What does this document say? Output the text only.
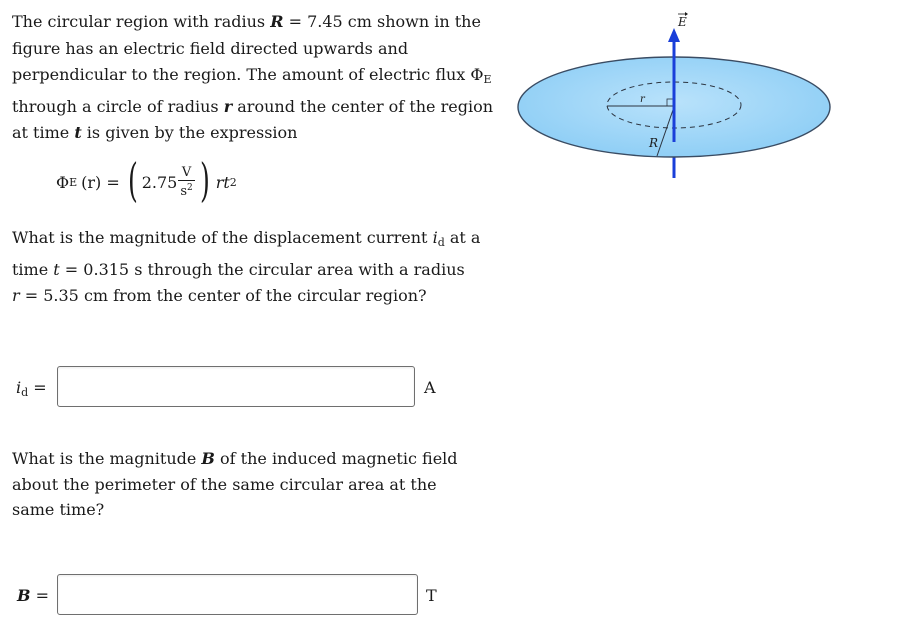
The circular region with radius R = 7.45 cm shown in the
figure has an electric field directed upwards and
perpendicular to the region. The amount of electric flux $\Phi_E$
through a circle of radius r around the center of the region
at time t is given by the expression
Φ E (r) = ( $2.75 \frac{V}{s^2}$ ) rt 2
What is the magnitude of the displacement current $i_d$ at a
time t = 0.315 s through the circular area with a radius
r = 5.35 cm from the center of the circular region?
$i_d$ =	A
What is the magnitude B of the induced magnetic field
about the perimeter of the same circular area at the
same time?
B =	T
r
R
E
